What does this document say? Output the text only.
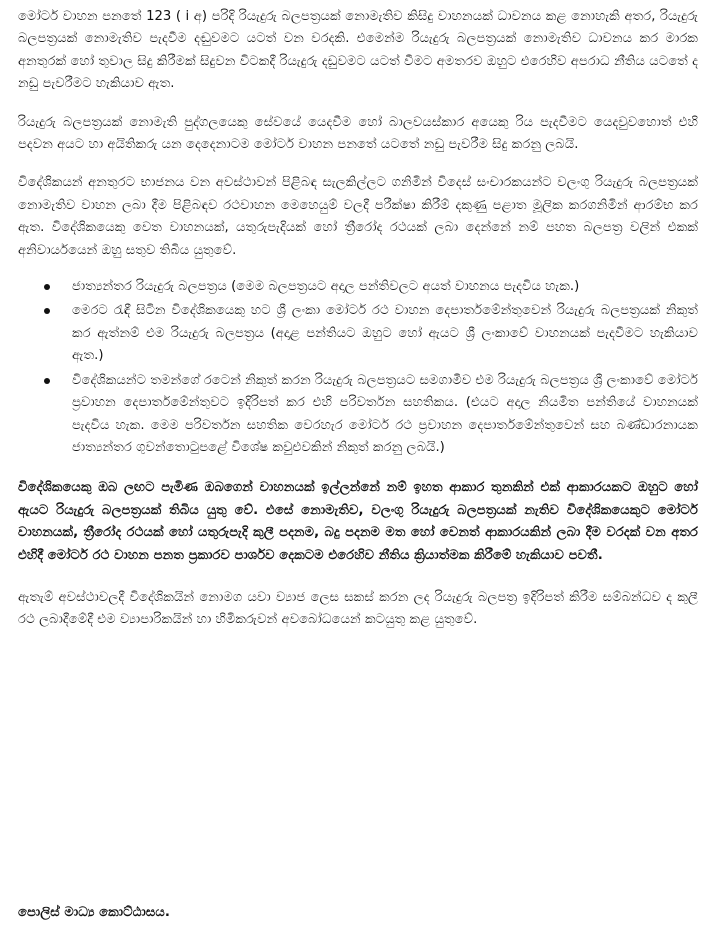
මෝටර් වාහන පනතේ 123 ( i අ) පරිදි රියැදුරු බලපත්‍රයක් නොමැතිව කිසිදු වාහනයක් ධාවනය කළ නොහැකි අතර, රියැදුරු බලපත්‍රයක් නොමැතිව පැදවීම දඬුවමට යටත් වන වරදකි. එමෙන්ම රියැදුරු බලපත්‍රයක් නොමැතිව ධාවනය කර මාරක අනතුරක් හෝ තුවාල සිදු කිරීමක් සිදුවන විටකදී රියැදුරු දඩුවමට යටත් වීමට අමතරව ඔහුට එරෙහිව අපරාධ නීතිය යටතේ ද නඩු පැවරීමට හැකියාව ඇත.

රියැදුරු බලපත්‍රයක් නොමැති පුද්ගලයෙකු සේවයේ යෙදවීම හෝ බාලවයස්කාර අයෙකු රිය පැදවීමට යෙදවුවහොත් එහි පදවන අයට හා අයිතිකරු යන දෙදෙනාටම මෝටර් වාහන පනතේ යටතේ නඩු පැවරීම සිදු කරනු ලබයි.

විදේශිකයන් අනතුරට භාජනය වන අවස්ථාවන් පිළිබඳ සැලකිල්ලට ගනිමින් විදෙස් සංචාරකයන්ට වලංගු රියැදුරු බලපත්‍රයක් නොමැතිව වාහන ලබා දීම පිළිබඳව රථවාහන මෙහෙයුම් වලදී පරීක්ෂා කිරීම් දකුණු පළාත මූලික කරගනිමින් ආරම්භ කර ඇත. විදේශිකයෙකු වෙත වාහනයක්, යතුරුපැදියක් හෝ ත්‍රීරෝද රථයක් ලබා දෙන්නේ නම් පහත බලපත්‍ර වලින් එකක් අනිවාර්යයෙන් ඔහු සතුව තිබිය යුතුවේ.

ජාත්‍යන්තර රියැදුරු බලපත්‍රය (මෙම බලපත්‍රයට අදාල පන්තිවලට අයත් වාහනය පැදවිය හැක.)
මෙරට රැඳී සිටින විදේශිකයෙකු හට ශ්‍රී ලංකා මෝටර් රථ වාහන දෙපාර්තමේන්තුවෙන් රියැදුරු බලපත්‍රයක් නිකුත් කර ඇත්නම් එම රියැදුරු බලපත්‍රය (අදාළ පන්තියට ඔහුට හෝ ඇයට ශ්‍රී ලංකාවේ වාහනයක් පැදවීමට හැකියාව ඇත.)
විදේශිකයන්ට තමන්ගේ රටෙන් නිකුත් කරන රියැදුරු බලපත්‍රයට සමගාමීව එම රියැදුරු බලපත්‍රය ශ්‍රී ලංකාවේ මෝටර් ප්‍රවාහන දෙපාර්තමේන්තුවට ඉදිරිපත් කර එහි පරිවර්තන සහතිකය. (එයට අදාල නියමිත පන්තියේ වාහනයක් පැදවිය හැක. මෙම පරිවර්තන සහතික වෙරහැර මෝටර් රථ ප්‍රවාහන දෙපාර්තමේන්තුවෙන් සහ බණ්ඩාරනායක ජාත්‍යන්තර ගුවන්තොටුපළේ විශේෂ කවුළුවකින් නිකුත් කරනු ලබයි.)

විදේශිකයෙකු ඔබ ලඟට පැමිණ ඔබගෙන් වාහනයක් ඉල්ලන්නේ නම් ඉහත ආකාර තුනකින් එක් ආකාරයකට ඔහුට හෝ ඇයට රියැදුරු බලපත්‍රයක් තිබිය යුතු වේ. එසේ නොමැතිව, වලංගු රියැදුරු බලපත්‍රයක් නැතිව විදේශිකයෙකුට මෝටර් වාහනයක්, ත්‍රීරෝද රථයක් හෝ යතුරුපැදි කුලී පදනම, බදු පදනම මත හෝ වෙනත් ආකාරයකින් ලබා දීම වරදක් වන අතර එහිදී මෝටර් රථ වාහන පනත ප්‍රකාරව පාර්ශව දෙකටම එරෙහිව නීතිය ක්‍රියාත්මක කිරීමේ හැකියාව පවතී.

ඇතැම් අවස්ථාවලදී විදේශිකයින් නොමග යවා ව්‍යාජ ලෙස සකස් කරන ලද රියැදුරු බලපත්‍ර ඉදිරිපත් කිරීම සම්බන්ධව ද කුලී රථ ලබාදීමේදී එම ව්‍යාපාරිකයින් හා හිමිකරුවන් අවබෝධයෙන් කටයුතු කළ යුතුවේ.

පොලිස් මාධ්‍ය කොට්ඨාසය.
